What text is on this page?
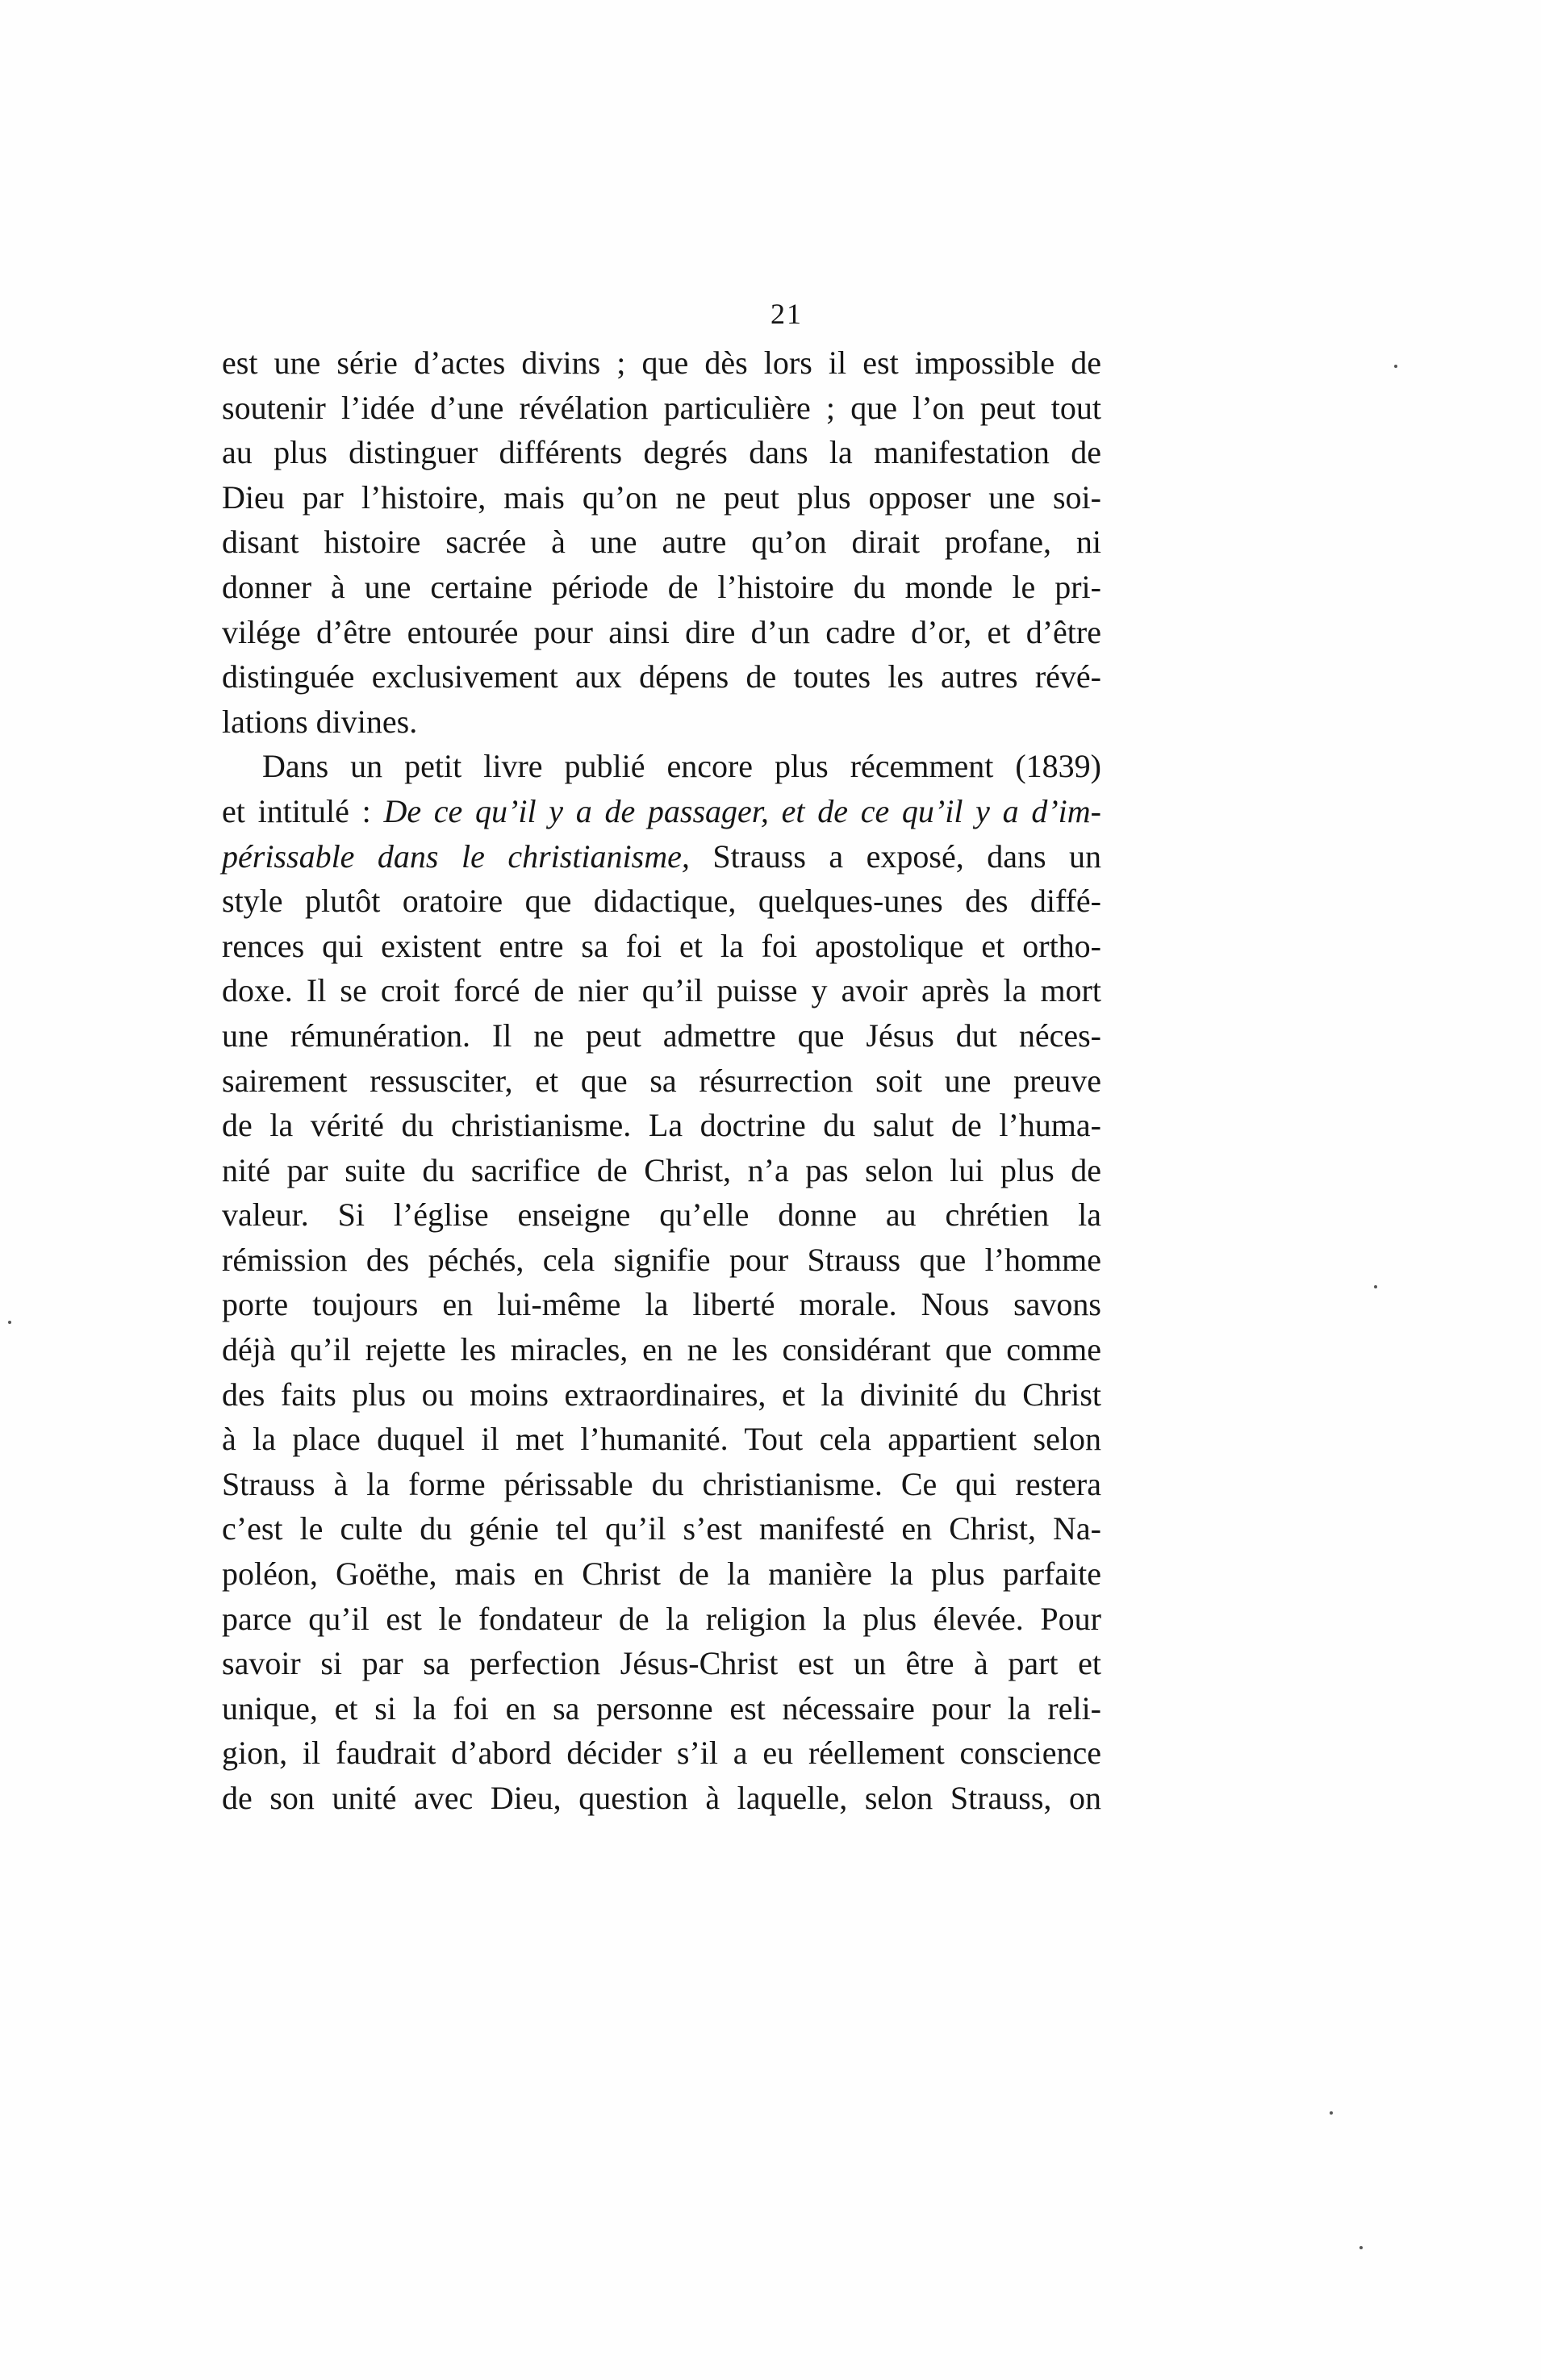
21
est une série d’actes divins ; que dès lors il est impossible de
soutenir l’idée d’une révélation particulière ; que l’on peut tout
au plus distinguer différents degrés dans la manifestation de
Dieu par l’histoire, mais qu’on ne peut plus opposer une soi-
disant histoire sacrée à une autre qu’on dirait profane, ni
donner à une certaine période de l’histoire du monde le pri-
vilége d’être entourée pour ainsi dire d’un cadre d’or, et d’être
distinguée exclusivement aux dépens de toutes les autres révé-
lations divines.
Dans un petit livre publié encore plus récemment (1839)
et intitulé : De ce qu’il y a de passager, et de ce qu’il y a d’im-
périssable dans le christianisme, Strauss a exposé, dans un
style plutôt oratoire que didactique, quelques-unes des diffé-
rences qui existent entre sa foi et la foi apostolique et ortho-
doxe. Il se croit forcé de nier qu’il puisse y avoir après la mort
une rémunération. Il ne peut admettre que Jésus dut néces-
sairement ressusciter, et que sa résurrection soit une preuve
de la vérité du christianisme. La doctrine du salut de l’huma-
nité par suite du sacrifice de Christ, n’a pas selon lui plus de
valeur. Si l’église enseigne qu’elle donne au chrétien la
rémission des péchés, cela signifie pour Strauss que l’homme
porte toujours en lui-même la liberté morale. Nous savons
déjà qu’il rejette les miracles, en ne les considérant que comme
des faits plus ou moins extraordinaires, et la divinité du Christ
à la place duquel il met l’humanité. Tout cela appartient selon
Strauss à la forme périssable du christianisme. Ce qui restera
c’est le culte du génie tel qu’il s’est manifesté en Christ, Na-
poléon, Goëthe, mais en Christ de la manière la plus parfaite
parce qu’il est le fondateur de la religion la plus élevée. Pour
savoir si par sa perfection Jésus-Christ est un être à part et
unique, et si la foi en sa personne est nécessaire pour la reli-
gion, il faudrait d’abord décider s’il a eu réellement conscience
de son unité avec Dieu, question à laquelle, selon Strauss, on
